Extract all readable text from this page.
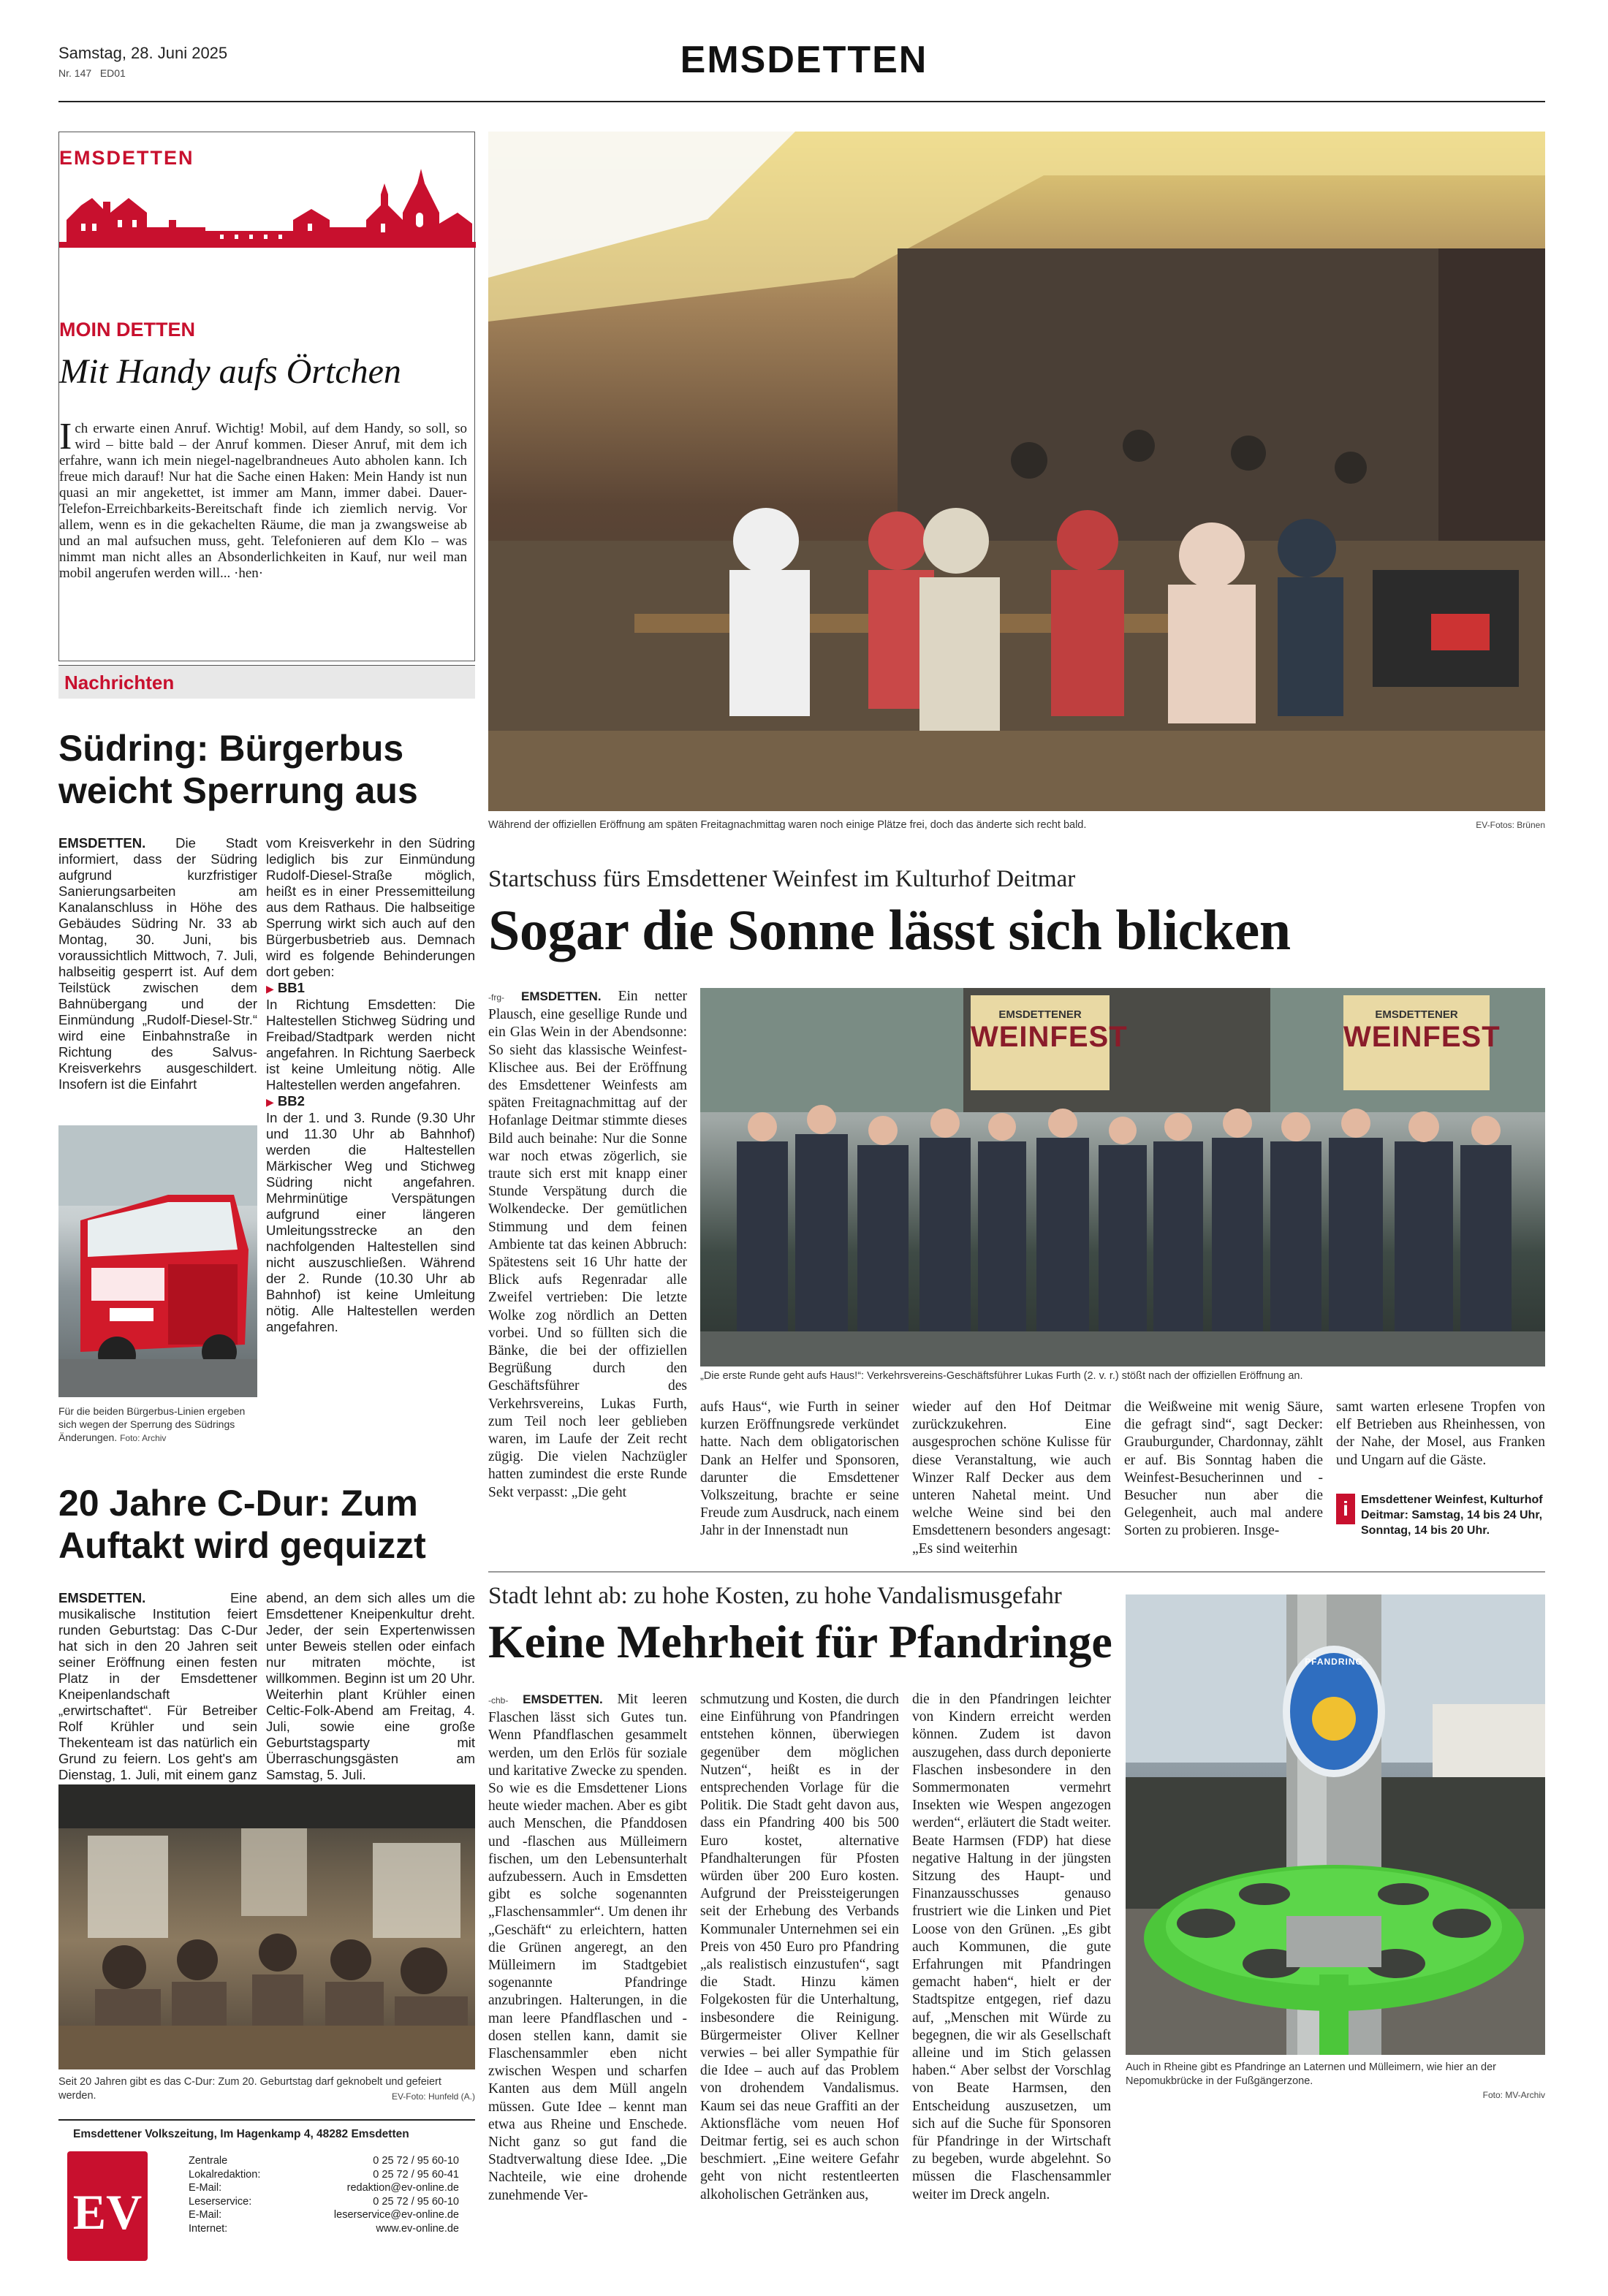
Samstag, 28. Juni 2025
Nr. 147 ED01	EMSDETTEN
EMSDETTEN
MOIN DETTEN
Mit Handy aufs Örtchen
Ich erwarte einen Anruf. Wichtig! Mobil, auf dem Handy, so soll, so wird – bitte bald – der Anruf kommen. Dieser Anruf, mit dem ich erfahre, wann ich mein niegel-nagelbrandneues Auto abholen kann. Ich freue mich darauf! Nur hat die Sache einen Haken: Mein Handy ist nun quasi an mir angekettet, ist immer am Mann, immer dabei. Dauer-Telefon-Erreichbarkeits-Bereitschaft finde ich ziemlich nervig. Vor allem, wenn es in die gekachelten Räume, die man ja zwangsweise ab und an mal aufsuchen muss, geht. Telefonieren auf dem Klo – was nimmt man nicht alles an Absonderlichkeiten in Kauf, nur weil man mobil angerufen werden will... ·hen·
Nachrichten
Südring: Bürgerbus
weicht Sperrung aus
EMSDETTEN. Die Stadt informiert, dass der Südring aufgrund kurzfristiger Sanierungsarbeiten am Kanalanschluss in Höhe des Gebäudes Südring Nr. 33 ab Montag, 30. Juni, bis voraussichtlich Mittwoch, 7. Juli, halbseitig gesperrt ist. Auf dem Teilstück zwischen dem Bahnübergang und der Einmündung „Rudolf-Diesel-Str.“ wird eine Einbahnstraße in Richtung des Salvus-Kreisverkehrs ausgeschildert. Insofern ist die Einfahrt
vom Kreisverkehr in den Südring lediglich bis zur Einmündung Rudolf-Diesel-Straße möglich, heißt es in einer Pressemitteilung aus dem Rathaus. Die halbseitige Sperrung wirkt sich auch auf den Bürgerbusbetrieb aus. Demnach wird es folgende Behinderungen dort geben:
▶ BB1
In Richtung Emsdetten: Die Haltestellen Stichweg Südring und Freibad/Stadtpark werden nicht angefahren. In Richtung Saerbeck ist keine Umleitung nötig. Alle Haltestellen werden angefahren.
▶ BB2
In der 1. und 3. Runde (9.30 Uhr und 11.30 Uhr ab Bahnhof) werden die Haltestellen Märkischer Weg und Stichweg Südring nicht angefahren. Mehrminütige Verspätungen aufgrund einer längeren Umleitungsstrecke an den nachfolgenden Haltestellen sind nicht auszuschließen. Während der 2. Runde (10.30 Uhr ab Bahnhof) ist keine Umleitung nötig. Alle Haltestellen werden angefahren.
Für die beiden Bürgerbus-Linien ergeben sich wegen der Sperrung des Südrings Änderungen. Foto: Archiv
20 Jahre C-Dur: Zum
Auftakt wird gequizzt
EMSDETTEN.	Eine musikalische Institution feiert runden Geburtstag: Das C-Dur hat sich in den 20 Jahren seit seiner Eröffnung einen festen Platz in der Emsdettener Kneipenlandschaft „erwirtschaftet“. Für Betreiber Rolf Krühler und sein Thekenteam ist das natürlich ein Grund zu feiern. Los geht's am Dienstag, 1. Juli, mit einem ganz
abend, an dem sich alles um die Emsdettener Kneipenkultur dreht. Jeder, der sein Expertenwissen unter Beweis stellen oder einfach nur mitraten möchte, ist willkommen. Beginn ist um 20 Uhr. Weiterhin plant Krühler einen Celtic-Folk-Abend am Freitag, 4. Juli, sowie eine große Geburtstagsparty mit Überraschungsgästen am Samstag, 5. Juli.
Seit 20 Jahren gibt es das C-Dur: Zum 20. Geburtstag darf geknobelt und gefeiert werden.	EV-Foto: Hunfeld (A.)
Emsdettener Volkszeitung, Im Hagenkamp 4, 48282 Emsdetten
EV
Zentrale	0 25 72 / 95 60-10
Lokalredaktion:	0 25 72 / 95 60-41
E-Mail:	redaktion@ev-online.de
Leserservice:	0 25 72 / 95 60-10
E-Mail:	leserservice@ev-online.de
Internet:	www.ev-online.de
Während der offiziellen Eröffnung am späten Freitagnachmittag waren noch einige Plätze frei, doch das änderte sich recht bald.	EV-Fotos: Brünen
Startschuss fürs Emsdettener Weinfest im Kulturhof Deitmar
Sogar die Sonne lässt sich blicken
-frg- EMSDETTEN. Ein netter Plausch, eine gesellige Runde und ein Glas Wein in der Abendsonne: So sieht das klassische Weinfest-Klischee aus. Bei der Eröffnung des Emsdettener Weinfests am späten Freitagnachmittag auf der Hofanlage Deitmar stimmte dieses Bild auch beinahe: Nur die Sonne war noch etwas zögerlich, sie traute sich erst mit knapp einer Stunde Verspätung durch die Wolkendecke. Der gemütlichen Stimmung und dem feinen Ambiente tat das keinen Abbruch: Spätestens seit 16 Uhr hatte der Blick aufs Regenradar alle Zweifel vertrieben: Die letzte Wolke zog nördlich an Detten vorbei. Und so füllten sich die Bänke, die bei der offiziellen Begrüßung durch den Geschäftsführer des Verkehrsvereins, Lukas Furth, zum Teil noch leer geblieben waren, im Laufe der Zeit recht zügig. Die vielen Nachzügler hatten zumindest die erste Runde Sekt verpasst: „Die geht
EMSDETTENER
WEINFEST
EMSDETTENER
WEINFEST
„Die erste Runde geht aufs Haus!“: Verkehrsvereins-Geschäftsführer Lukas Furth (2. v. r.) stößt nach der offiziellen Eröffnung an.
aufs Haus“, wie Furth in seiner kurzen Eröffnungsrede verkündet hatte. Nach dem obligatorischen Dank an Helfer und Sponsoren, darunter die Emsdettener Volkszeitung, brachte er seine Freude zum Ausdruck, nach einem Jahr in der Innenstadt nun
wieder auf den Hof Deitmar zurückzukehren. Eine ausgesprochen schöne Kulisse für diese Veranstaltung, wie auch Winzer Ralf Decker aus dem unteren Nahetal meint. Und welche Weine sind bei den Emsdettenern besonders angesagt: „Es sind weiterhin
die Weißweine mit wenig Säure, die gefragt sind“, sagt Decker: Grauburgunder, Chardonnay, zählt er auf. Bis Sonntag haben die Weinfest-Besucherinnen und -Besucher nun aber die Gelegenheit, auch mal andere Sorten zu probieren. Insge-
samt warten erlesene Tropfen von elf Betrieben aus Rheinhessen, von der Nahe, der Mosel, aus Franken und Ungarn auf die Gäste.
i	Emsdettener Weinfest, Kulturhof Deitmar: Samstag, 14 bis 24 Uhr, Sonntag, 14 bis 20 Uhr.
Stadt lehnt ab: zu hohe Kosten, zu hohe Vandalismusgefahr
Keine Mehrheit für Pfandringe
-chb- EMSDETTEN. Mit leeren Flaschen lässt sich Gutes tun. Wenn Pfandflaschen gesammelt werden, um den Erlös für soziale und karitative Zwecke zu spenden. So wie es die Emsdettener Lions heute wieder machen. Aber es gibt auch Menschen, die Pfanddosen und -flaschen aus Mülleimern fischen, um den Lebensunterhalt aufzubessern. Auch in Emsdetten gibt es solche sogenannten „Flaschensammler“. Um denen ihr „Geschäft“ zu erleichtern, hatten die Grünen angeregt, an den Mülleimern im Stadtgebiet sogenannte Pfandringe anzubringen. Halterungen, in die man leere Pfandflaschen und -dosen stellen kann, damit sie Flaschensammler eben nicht zwischen Wespen und scharfen Kanten aus dem Müll angeln müssen. Gute Idee – kennt man etwa aus Rheine und Enschede. Nicht ganz so gut fand die Stadtverwaltung diese Idee. „Die Nachteile, wie eine drohende zunehmende Ver-
schmutzung und Kosten, die durch eine Einführung von Pfandringen entstehen können, überwiegen gegenüber dem möglichen Nutzen“, heißt es in der entsprechenden Vorlage für die Politik. Die Stadt geht davon aus, dass ein Pfandring 400 bis 500 Euro kostet, alternative Pfandhalterungen für Pfosten würden über 200 Euro kosten. Aufgrund der Preissteigerungen seit der Erhebung des Verbands Kommunaler Unternehmen sei ein Preis von 450 Euro pro Pfandring „als realistisch einzustufen“, sagt die Stadt. Hinzu kämen Folgekosten für die Unterhaltung, insbesondere die Reinigung. Bürgermeister Oliver Kellner verwies – bei aller Sympathie für die Idee – auch auf das Problem von drohendem Vandalismus. Kaum sei das neue Graffiti an der Aktionsfläche vom neuen Hof Deitmar fertig, sei es auch schon beschmiert. „Eine weitere Gefahr geht von nicht restentleerten alkoholischen Getränken aus,
die in den Pfandringen leichter von Kindern erreicht werden können. Zudem ist davon auszugehen, dass durch deponierte Flaschen insbesondere in den Sommermonaten vermehrt Insekten wie Wespen angezogen werden“, erläutert die Stadt weiter. Beate Harmsen (FDP) hat diese negative Haltung in der jüngsten Sitzung des Haupt- und Finanzausschusses genauso frustriert wie die Linken und Piet Loose von den Grünen. „Es gibt auch Kommunen, die gute Erfahrungen mit Pfandringen gemacht haben“, hielt er der Stadtspitze entgegen, rief dazu auf, „Menschen mit Würde zu begegnen, die wir als Gesellschaft alleine und im Stich gelassen haben.“ Aber selbst der Vorschlag von Beate Harmsen, den Entscheidung auszusetzen, um sich auf die Suche für Sponsoren für Pfandringe in der Wirtschaft zu begeben, wurde abgelehnt. So müssen die Flaschensammler weiter im Dreck angeln.
PFANDRING
Auch in Rheine gibt es Pfandringe an Laternen und Mülleimern, wie hier an der Nepomukbrücke in der Fußgängerzone.
Foto: MV-Archiv
